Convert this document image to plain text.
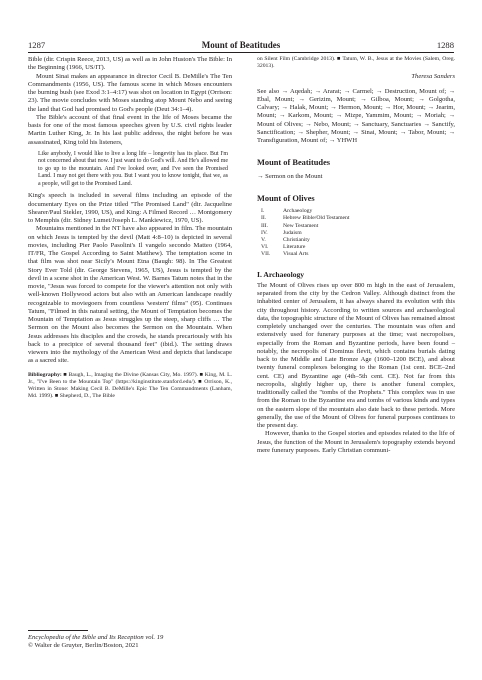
1287	Mount of Beatitudes	1288

Bible (dir. Crispin Reece, 2013, US) as well as in John Huston's The Bible: In the Beginning (1966, US/IT).

Mount Sinai makes an appearance in director Cecil B. DeMille's The Ten Commandments (1956, US). The famous scene in which Moses encounters the burning bush (see Exod 3:1–4:17) was shot on location in Egypt (Orrison: 23). The movie concludes with Moses standing atop Mount Nebo and seeing the land that God had promised to God's people (Deut 34:1–4).

The Bible's account of that final event in the life of Moses became the basis for one of the most famous speeches given by U.S. civil rights leader Martin Luther King, Jr. In his last public address, the night before he was assassinated, King told his listeners,

Like anybody, I would like to live a long life – longevity has its place. But I'm not concerned about that now. I just want to do God's will. And He's allowed me to go up to the mountain. And I've looked over, and I've seen the Promised Land. I may not get there with you. But I want you to know tonight, that we, as a people, will get to the Promised Land.

King's speech is included in several films including an episode of the documentary Eyes on the Prize titled "The Promised Land" (dir. Jacqueline Shearer/Paul Stekler, 1990, US), and King: A Filmed Record … Montgomery to Memphis (dir. Sidney Lumet/Joseph L. Mankiewicz, 1970, US).

Mountains mentioned in the NT have also appeared in film. The mountain on which Jesus is tempted by the devil (Matt 4:8–10) is depicted in several movies, including Pier Paolo Pasolini's Il vangelo secondo Matteo (1964, IT/FR, The Gospel According to Saint Matthew). The temptation scene in that film was shot near Sicily's Mount Etna (Baugh: 98). In The Greatest Story Ever Told (dir. George Stevens, 1965, US), Jesus is tempted by the devil in a scene shot in the American West. W. Barnes Tatum notes that in the movie, "Jesus was forced to compete for the viewer's attention not only with well-known Hollywood actors but also with an American landscape readily recognizable to moviegoers from countless 'western' films" (95). Continues Tatum, "Filmed in this natural setting, the Mount of Temptation becomes the Mountain of Temptation as Jesus struggles up the steep, sharp cliffs … The Sermon on the Mount also becomes the Sermon on the Mountain. When Jesus addresses his disciples and the crowds, he stands precariously with his back to a precipice of several thousand feet" (ibid.). The setting draws viewers into the mythology of the American West and depicts that landscape as a sacred site.

Bibliography: ■ Baugh, L., Imaging the Divine (Kansas City, Mo. 1997). ■ King, M. L. Jr., "I've Been to the Mountain Top" (https://kinginstitute.stanford.edu/). ■ Orrison, K., Written in Stone: Making Cecil B. DeMille's Epic The Ten Commandments (Lanham, Md. 1999). ■ Shepherd, D., The Bible

on Silent Film (Cambridge 2013). ■ Tatum, W. B., Jesus at the Movies (Salem, Oreg. 32013).

Theresa Sanders

See also → Aqedah; → Ararat; → Carmel; → Destruction, Mount of; → Ebal, Mount; → Gerizim, Mount; → Gilboa, Mount; → Golgotha, Calvary; → Halak, Mount; → Hermon, Mount; → Hor, Mount; → Jearim, Mount; → Karkom, Mount; → Mizpe, Yammim, Mount; → Moriah; → Mount of Olives; → Nebo, Mount; → Sanctuary, Sanctuaries → Sanctify, Sanctification; → Shepher, Mount; → Sinai, Mount; → Tabor, Mount; → Transfiguration, Mount of; → YHWH

Mount of Beatitudes

→ Sermon on the Mount

Mount of Olives
I.	Archaeology
II.	Hebrew Bible/Old Testament
III.	New Testament
IV.	Judaism
V.	Christianity
VI.	Literature
VII.	Visual Arts
I. Archaeology

The Mount of Olives rises up over 800 m high in the east of Jerusalem, separated from the city by the Cedron Valley. Although distinct from the inhabited center of Jerusalem, it has always shared its evolution with this city throughout history. According to written sources and archaeological data, the topographic structure of the Mount of Olives has remained almost completely unchanged over the centuries. The mountain was often and extensively used for funerary purposes at the time; vast necropolises, especially from the Roman and Byzantine periods, have been found – notably, the necropolis of Dominus flevit, which contains burials dating back to the Middle and Late Bronze Age (1600–1200 BCE), and about twenty funeral complexes belonging to the Roman (1st cent. BCE–2nd cent. CE) and Byzantine age (4th–5th cent. CE). Not far from this necropolis, slightly higher up, there is another funeral complex, traditionally called the "tombs of the Prophets." This complex was in use from the Roman to the Byzantine era and tombs of various kinds and types on the eastern slope of the mountain also date back to these periods. More generally, the use of the Mount of Olives for funeral purposes continues to the present day.

However, thanks to the Gospel stories and episodes related to the life of Jesus, the function of the Mount in Jerusalem's topography extends beyond mere funerary purposes. Early Christian communi-

Encyclopedia of the Bible and Its Reception vol. 19
© Walter de Gruyter, Berlin/Boston, 2021
